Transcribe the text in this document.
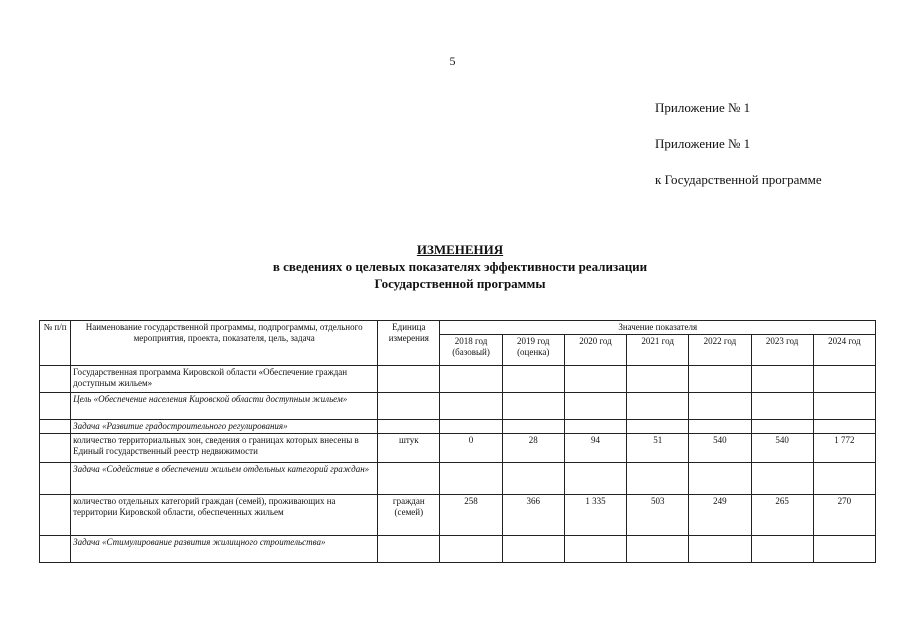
5
Приложение № 1
Приложение № 1
к Государственной программе
ИЗМЕНЕНИЯ
в сведениях о целевых показателях эффективности реализации
Государственной программы
№ п/п	Наименование государственной программы, подпрограммы, отдельного мероприятия, проекта, показателя, цель, задача	Единица измерения	Значение показателя						
			2018 год (базовый)	2019 год (оценка)	2020 год	2021 год	2022 год	2023 год	2024 год
	Государственная программа Кировской области «Обеспечение граждан доступным жильем»								
	Цель «Обеспечение населения Кировской области доступным жильем»								
	Задача «Развитие градостроительного регулирования»								
	количество территориальных зон, сведения о границах которых внесены в Единый государственный реестр недвижимости	штук	0	28	94	51	540	540	1 772
	Задача «Содействие в обеспечении жильем отдельных категорий граждан»								
	количество отдельных категорий граждан (семей), проживающих на территории Кировской области, обеспеченных жильем	граждан (семей)	258	366	1 335	503	249	265	270
	Задача «Стимулирование развития жилищного строительства»								
